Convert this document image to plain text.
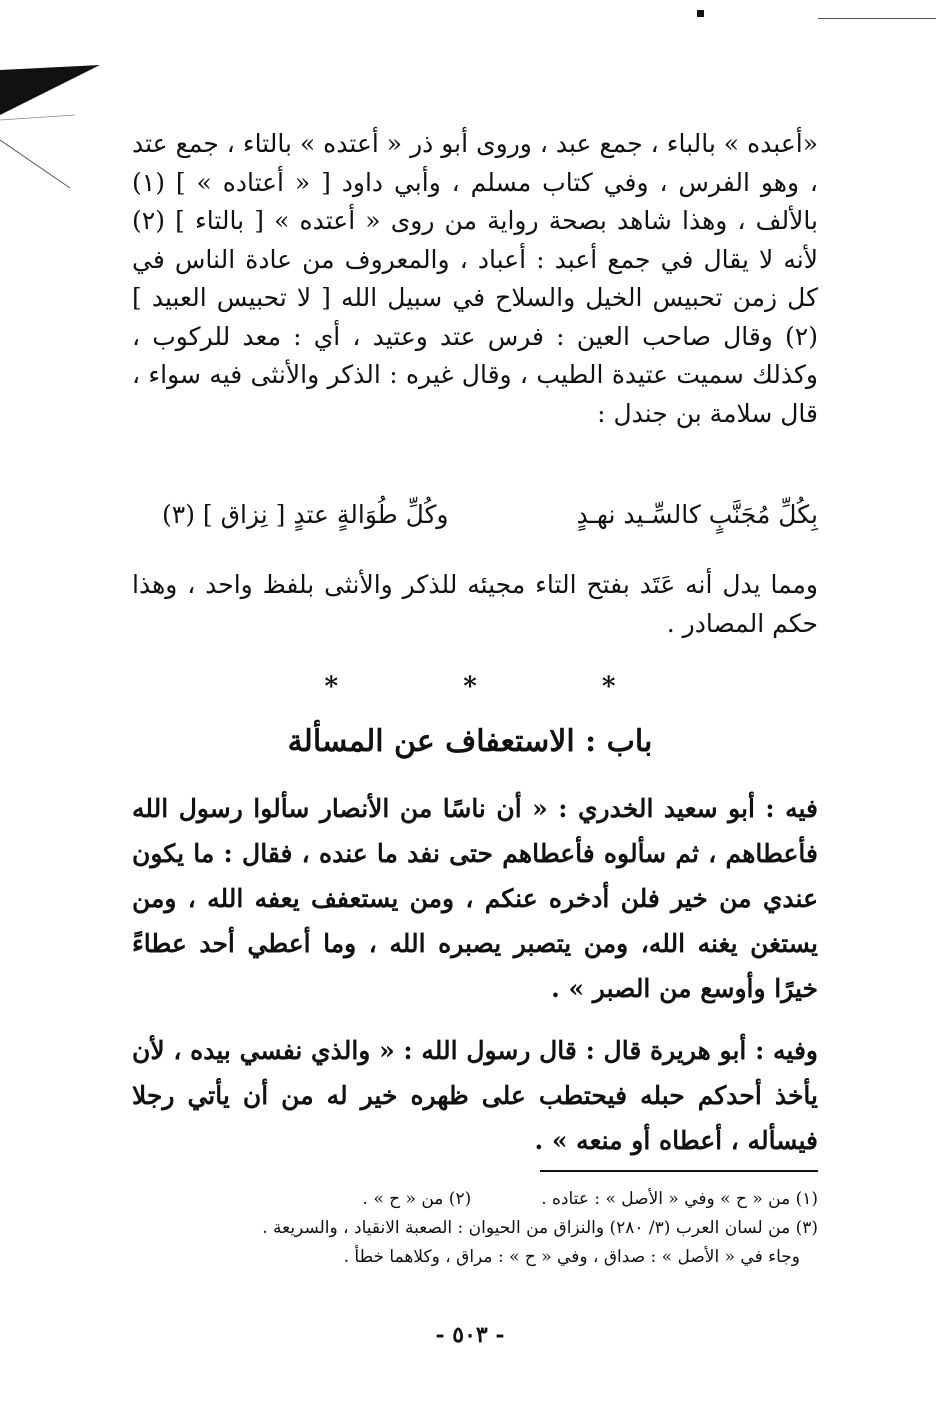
«أعبده » بالباء ، جمع عبد ، وروى أبو ذر « أعتده » بالتاء ، جمع عتد ، وهو الفرس ، وفي كتاب مسلم ، وأبي داود [ « أعتاده » ] (١) بالألف ، وهذا شاهد بصحة رواية من روى « أعتده » [ بالتاء ] (٢) لأنه لا يقال في جمع أعبد : أعباد ، والمعروف من عادة الناس في كل زمن تحبيس الخيل والسلاح في سبيل الله [ لا تحبيس العبيد ] (٢) وقال صاحب العين : فرس عتد وعتيد ، أي : معد للركوب ، وكذلك سميت عتيدة الطيب ، وقال غيره : الذكر والأنثى فيه سواء ، قال سلامة بن جندل :

بِكُلِّ مُجَنَّبٍ كالسِّـيد نهـدٍ
وكُلِّ طُوَالةٍ عتدٍ [ نِزاق ] (٣)

ومما يدل أنه عَتَد بفتح التاء مجيئه للذكر والأنثى بلفظ واحد ، وهذا حكم المصادر .

* * *
باب : الاستعفاف عن المسألة

فيه : أبو سعيد الخدري : « أن ناسًا من الأنصار سألوا رسول الله فأعطاهم ، ثم سألوه فأعطاهم حتى نفد ما عنده ، فقال : ما يكون عندي من خير فلن أدخره عنكم ، ومن يستعفف يعفه الله ، ومن يستغن يغنه الله، ومن يتصبر يصبره الله ، وما أعطي أحد عطاءً خيرًا وأوسع من الصبر » .

وفيه : أبو هريرة قال : قال رسول الله : « والذي نفسي بيده ، لأن يأخذ أحدكم حبله فيحتطب على ظهره خير له من أن يأتي رجلا فيسأله ، أعطاه أو منعه » .

(١) من « ح » وفي « الأصل » : عتاده .(٢) من « ح » .

(٣) من لسان العرب (٣/ ٢٨٠) والنزاق من الحيوان : الصعبة الانقياد ، والسريعة .

وجاء في « الأصل » : صداق ، وفي « ح » : مراق ، وكلاهما خطأ .

- ٥٠٣ -
